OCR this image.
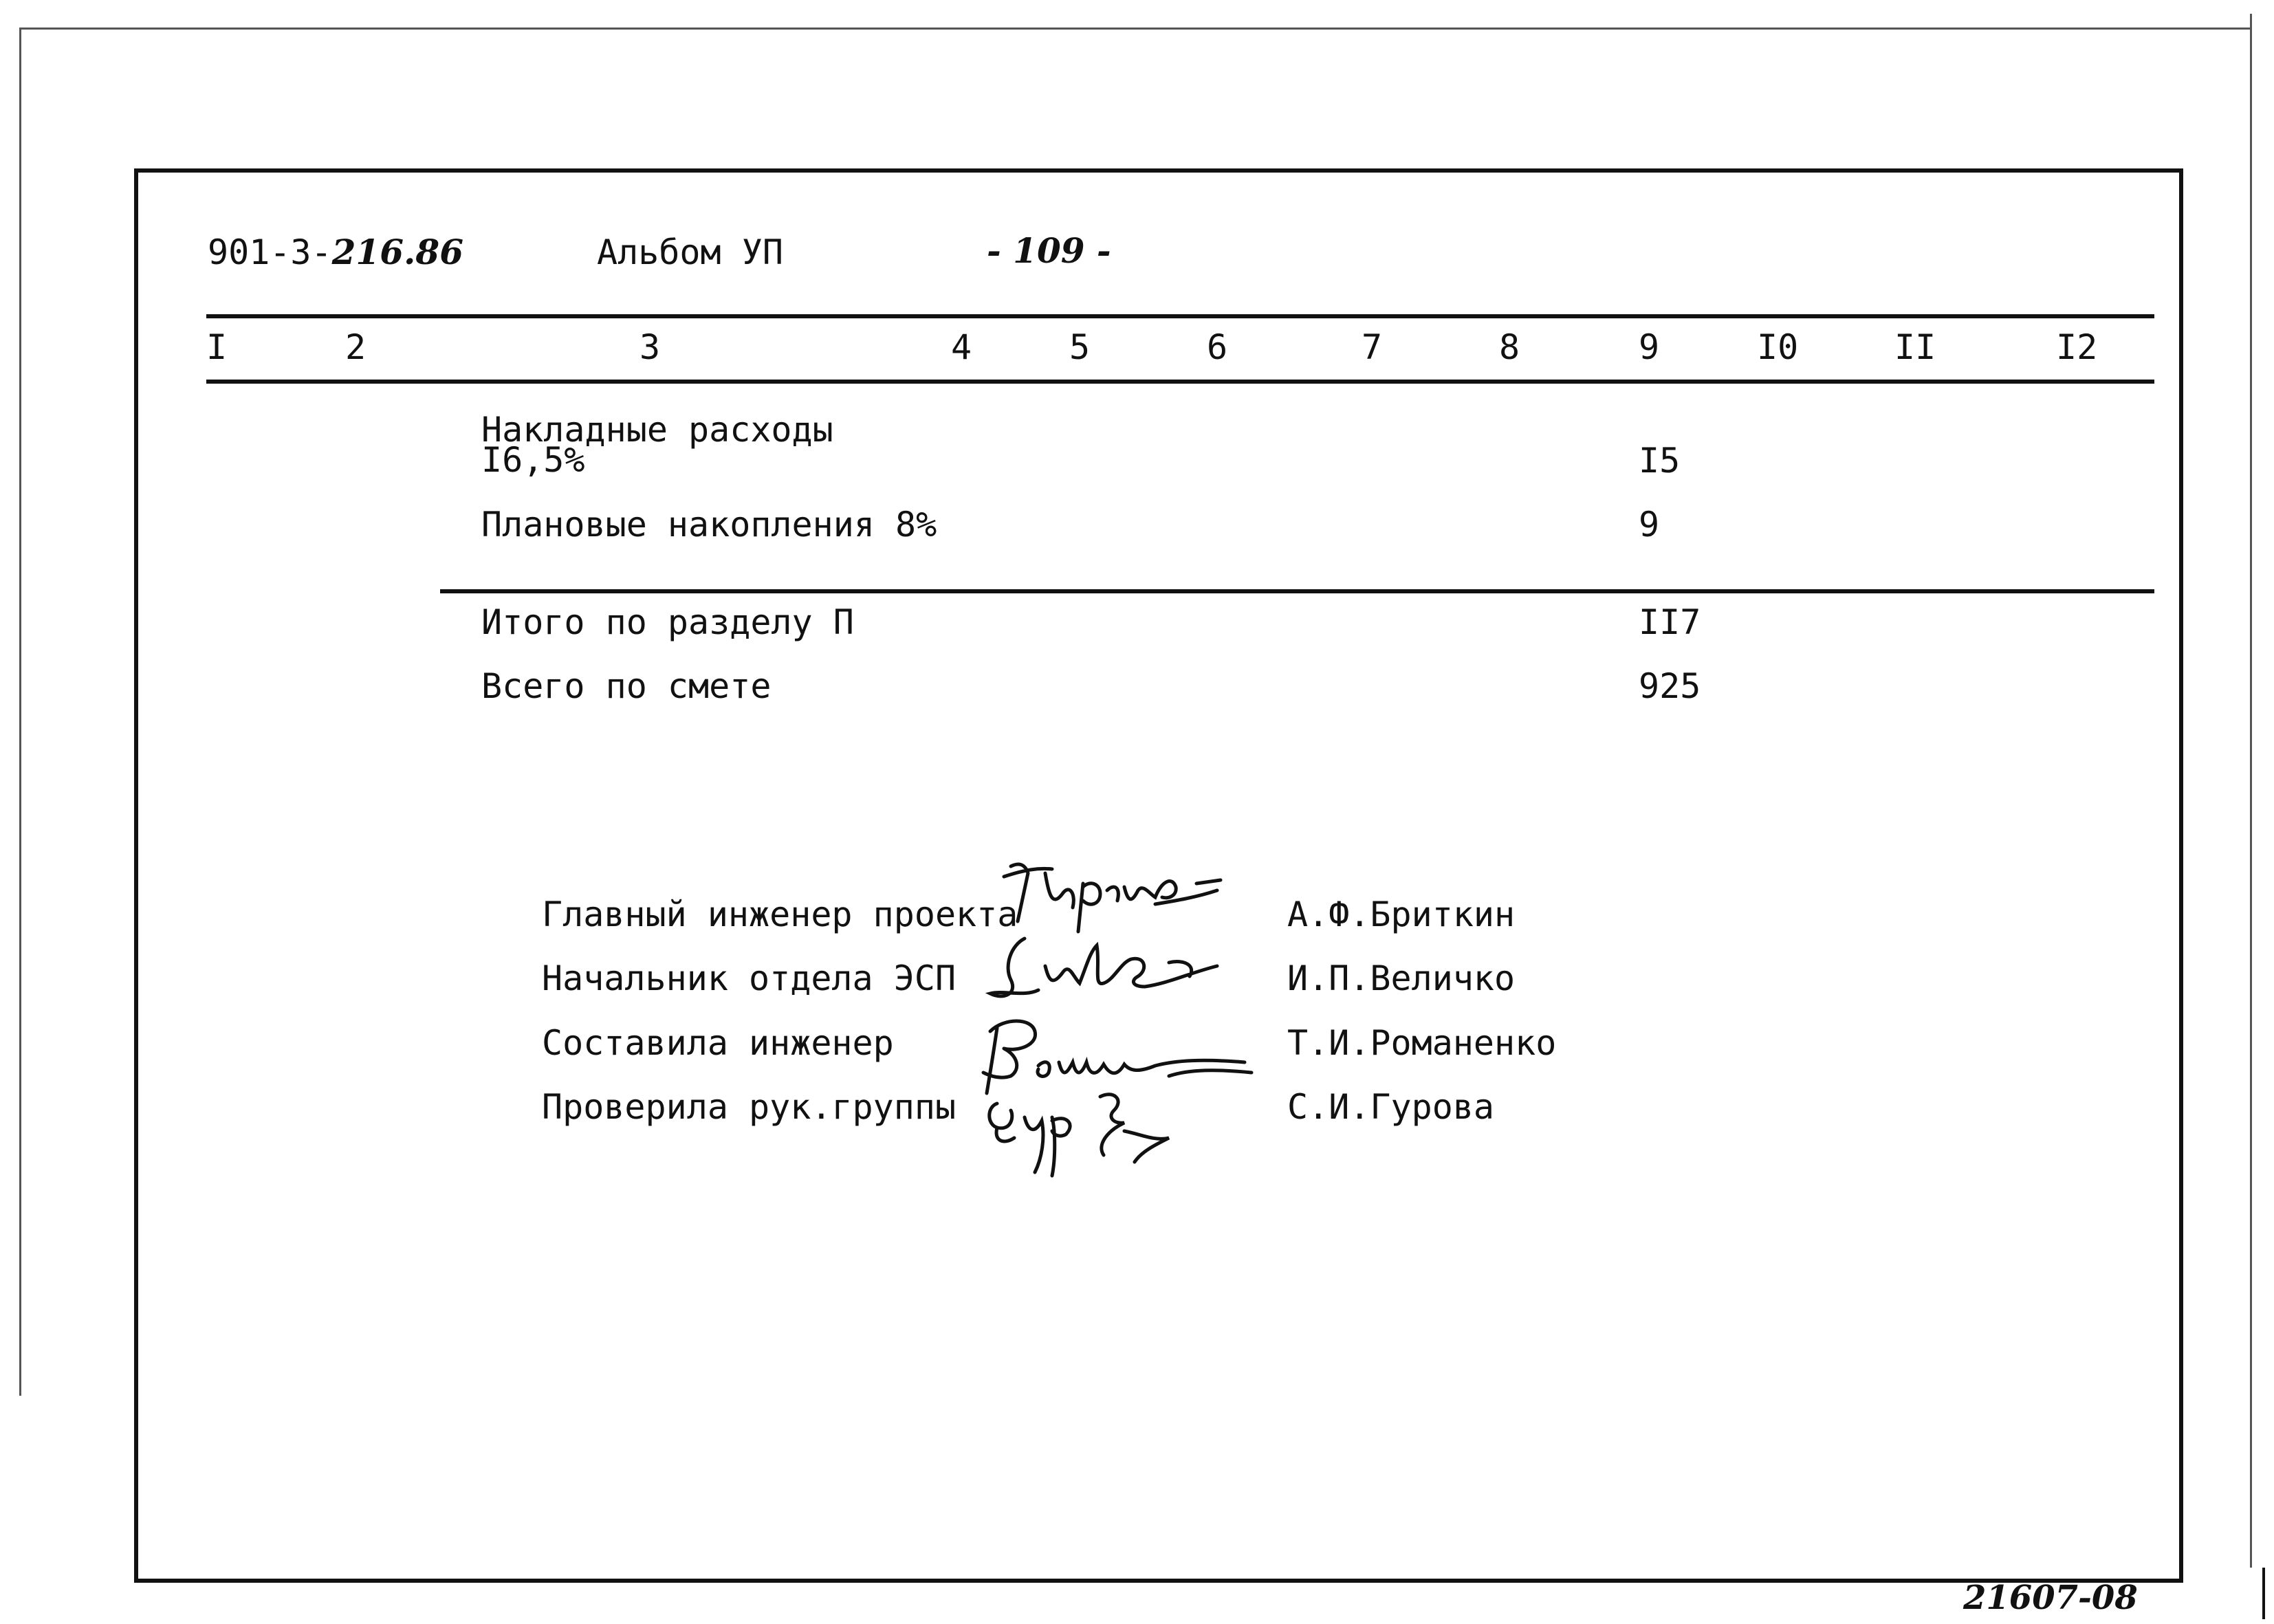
901-3-216.86	Альбом УП	- 109 -
I	2	3	4	5	6	7	8	9	I0	II	I2
Накладные расходы
I6,5%	I5
Плановые накопления 8%	9
Итого по разделу П	II7
Всего по смете	925
Главный инженер проекта	А.Ф.Бриткин
Начальник отдела ЭСП	И.П.Величко
Составила инженер	Т.И.Романенко
Проверила рук.группы	С.И.Гурова
21607-08
